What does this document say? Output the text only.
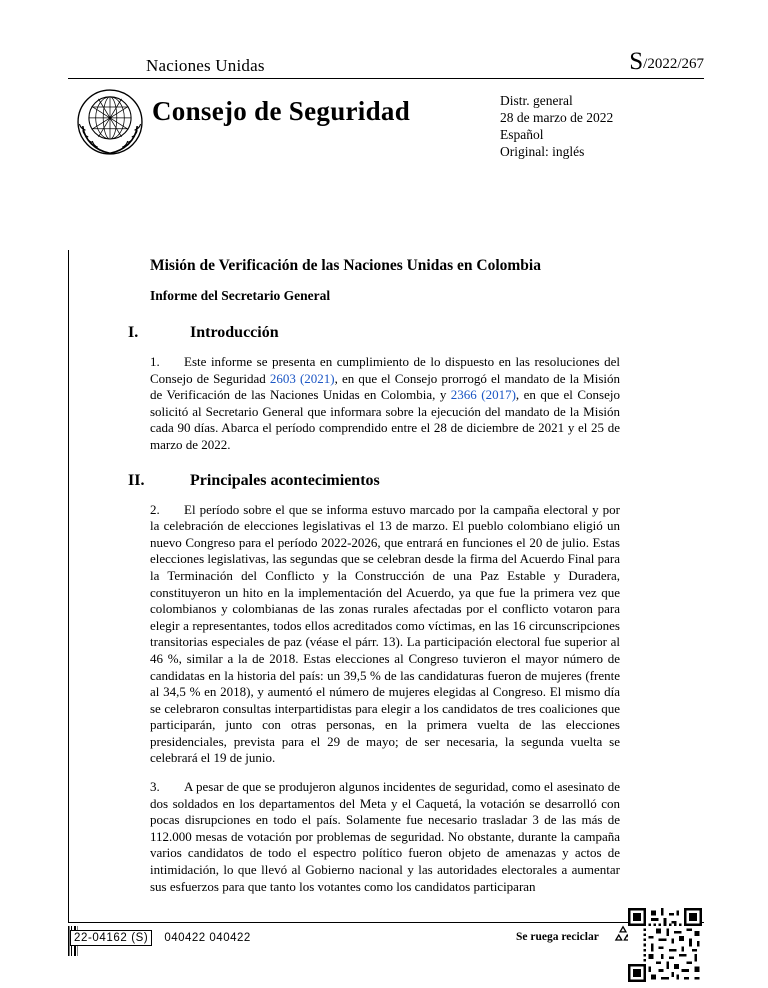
Naciones Unidas	S/2022/267
Consejo de Seguridad	Distr. general
28 de marzo de 2022
Español
Original: inglés
Misión de Verificación de las Naciones Unidas en Colombia
Informe del Secretario General
I.	Introducción

1. Este informe se presenta en cumplimiento de lo dispuesto en las resoluciones del Consejo de Seguridad 2603 (2021), en que el Consejo prorrogó el mandato de la Misión de Verificación de las Naciones Unidas en Colombia, y 2366 (2017), en que el Consejo solicitó al Secretario General que informara sobre la ejecución del mandato de la Misión cada 90 días. Abarca el período comprendido entre el 28 de diciembre de 2021 y el 25 de marzo de 2022.

II.	Principales acontecimientos

2. El período sobre el que se informa estuvo marcado por la campaña electoral y por la celebración de elecciones legislativas el 13 de marzo. El pueblo colombiano eligió un nuevo Congreso para el período 2022-2026, que entrará en funciones el 20 de julio. Estas elecciones legislativas, las segundas que se celebran desde la firma del Acuerdo Final para la Terminación del Conflicto y la Construcción de una Paz Estable y Duradera, constituyeron un hito en la implementación del Acuerdo, ya que fue la primera vez que colombianos y colombianas de las zonas rurales afectadas por el conflicto votaron para elegir a representantes, todos ellos acreditados como víctimas, en las 16 circunscripciones transitorias especiales de paz (véase el párr. 13). La participación electoral fue superior al 46 %, similar a la de 2018. Estas elecciones al Congreso tuvieron el mayor número de candidatas en la historia del país: un 39,5 % de las candidaturas fueron de mujeres (frente al 34,5 % en 2018), y aumentó el número de mujeres elegidas al Congreso. El mismo día se celebraron consultas interpartidistas para elegir a los candidatos de tres coaliciones que participarán, junto con otras personas, en la primera vuelta de las elecciones presidenciales, prevista para el 29 de mayo; de ser necesaria, la segunda vuelta se celebrará el 19 de junio.

3. A pesar de que se produjeron algunos incidentes de seguridad, como el asesinato de dos soldados en los departamentos del Meta y el Caquetá, la votación se desarrolló con pocas disrupciones en todo el país. Solamente fue necesario trasladar 3 de las más de 112.000 mesas de votación por problemas de seguridad. No obstante, durante la campaña varios candidatos de todo el espectro político fueron objeto de amenazas y actos de intimidación, lo que llevó al Gobierno nacional y las autoridades electorales a aumentar sus esfuerzos para que tanto los votantes como los candidatos participaran

22-04162 (S) 040422 040422	Se ruega reciclar
